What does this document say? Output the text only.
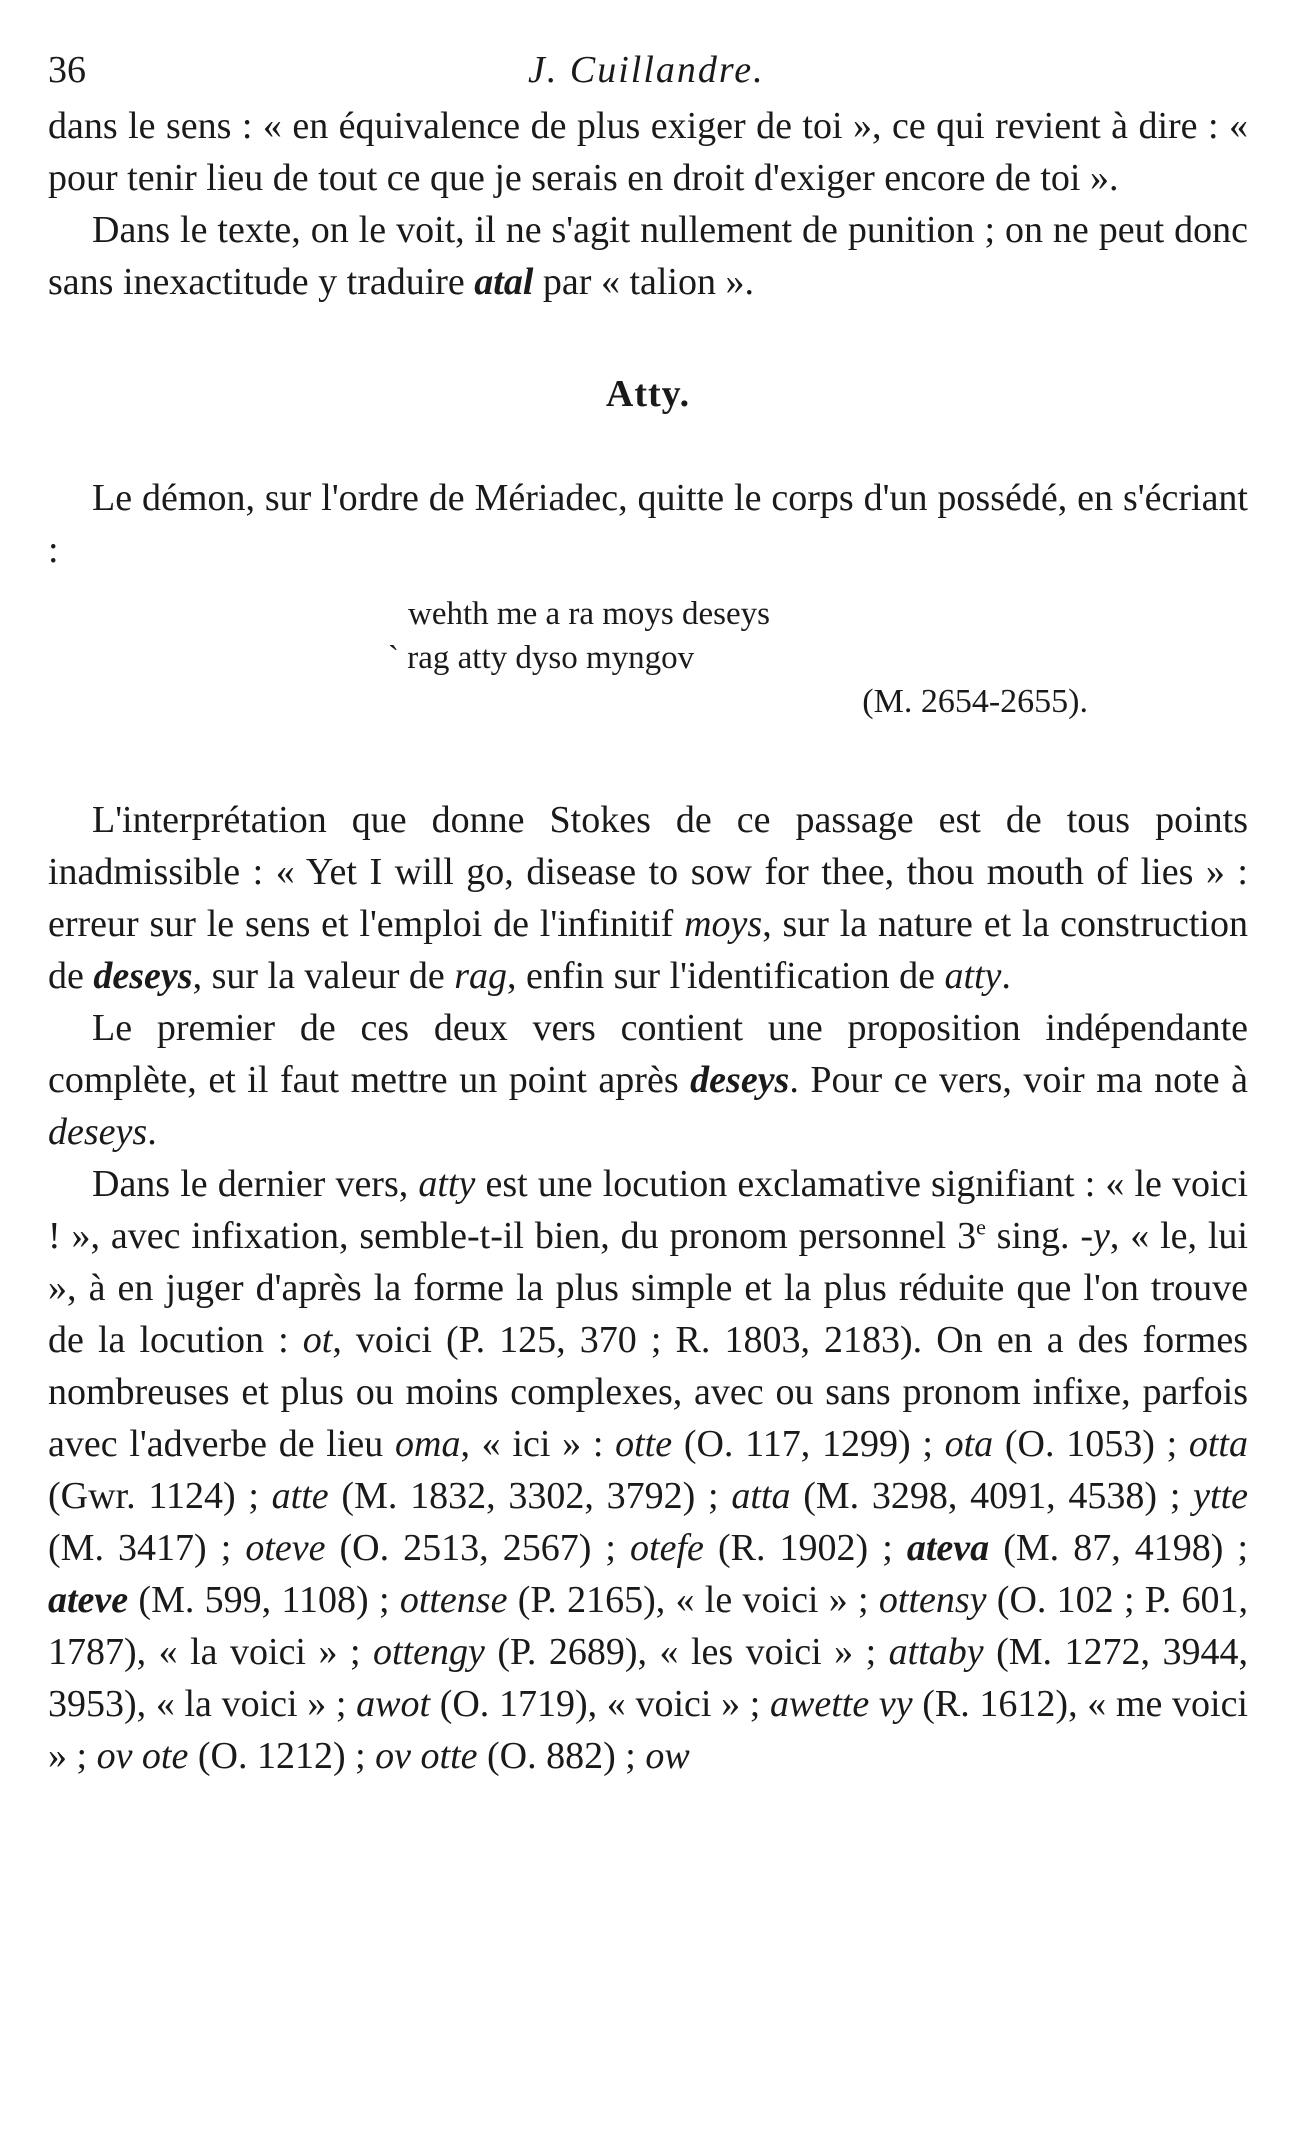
36	J. Cuillandre.

dans le sens : « en équivalence de plus exiger de toi », ce qui revient à dire : « pour tenir lieu de tout ce que je serais en droit d'exiger encore de toi ».

Dans le texte, on le voit, il ne s'agit nullement de punition ; on ne peut donc sans inexactitude y traduire atal par « talion ».

Atty.

Le démon, sur l'ordre de Mériadec, quitte le corps d'un possédé, en s'écriant :

wehth me a ra moys deseys
ˋ rag atty dyso myngov
(M. 2654-2655).

L'interprétation que donne Stokes de ce passage est de tous points inadmissible : « Yet I will go, disease to sow for thee, thou mouth of lies » : erreur sur le sens et l'emploi de l'infinitif moys, sur la nature et la construction de deseys, sur la valeur de rag, enfin sur l'identification de atty.

Le premier de ces deux vers contient une proposition indépendante complète, et il faut mettre un point après deseys. Pour ce vers, voir ma note à deseys.

Dans le dernier vers, atty est une locution exclamative signifiant : « le voici ! », avec infixation, semble-t-il bien, du pronom personnel 3e sing. -y, « le, lui », à en juger d'après la forme la plus simple et la plus réduite que l'on trouve de la locution : ot, voici (P. 125, 370 ; R. 1803, 2183). On en a des formes nombreuses et plus ou moins complexes, avec ou sans pronom infixe, parfois avec l'adverbe de lieu oma, « ici » : otte (O. 117, 1299) ; ota (O. 1053) ; otta (Gwr. 1124) ; atte (M. 1832, 3302, 3792) ; atta (M. 3298, 4091, 4538) ; ytte (M. 3417) ; oteve (O. 2513, 2567) ; otefe (R. 1902) ; ateva (M. 87, 4198) ; ateve (M. 599, 1108) ; ottense (P. 2165), « le voici » ; ottensy (O. 102 ; P. 601, 1787), « la voici » ; ottengy (P. 2689), « les voici » ; attaby (M. 1272, 3944, 3953), « la voici » ; awot (O. 1719), « voici » ; awette vy (R. 1612), « me voici » ; ov ote (O. 1212) ; ov otte (O. 882) ; ow
